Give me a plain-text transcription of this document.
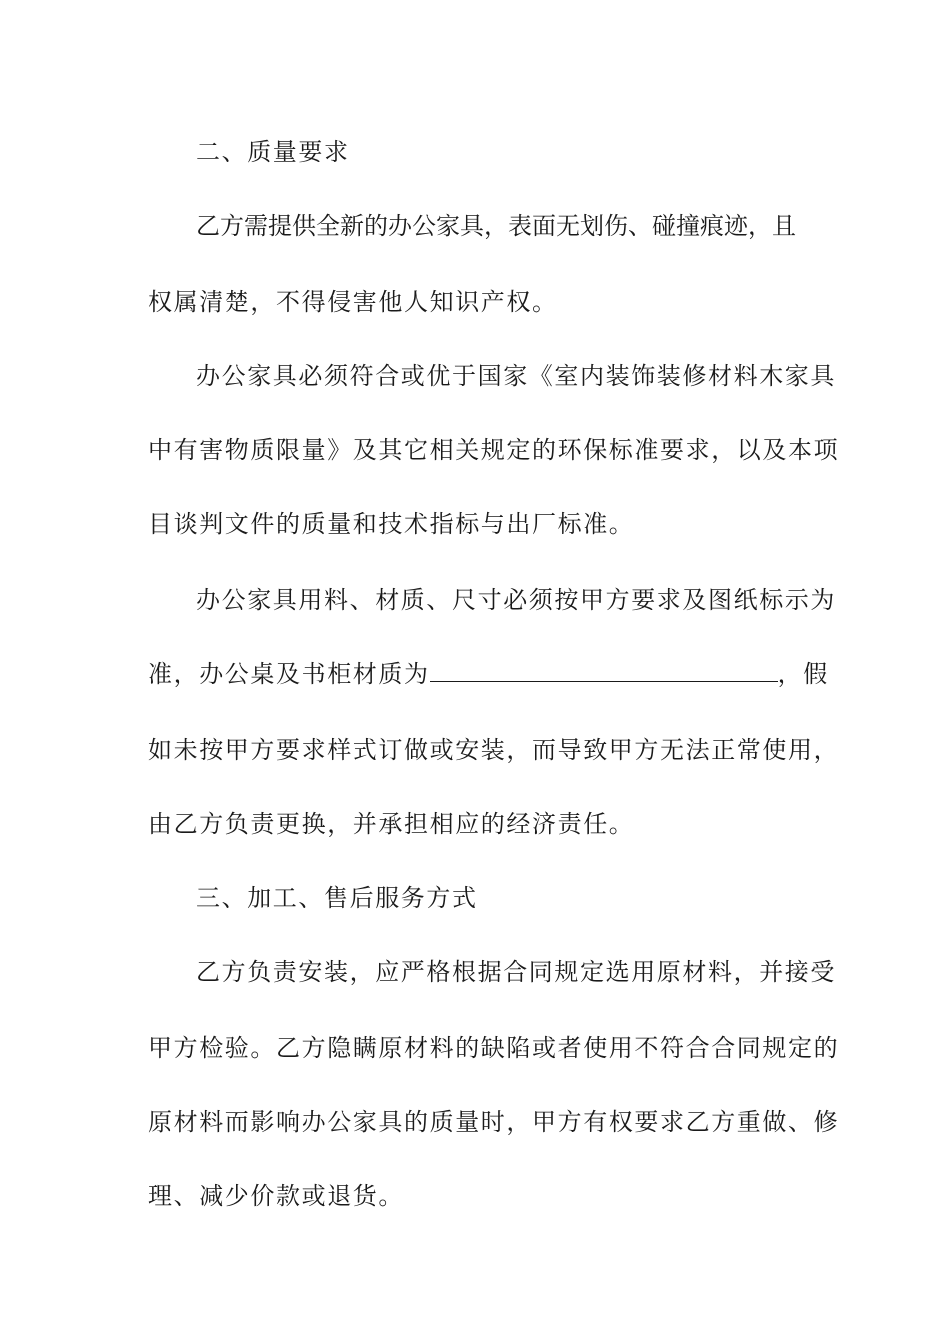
二、质量要求
乙方需提供全新的办公家具，表面无划伤、碰撞痕迹，且
权属清楚，不得侵害他人知识产权。
办公家具必须符合或优于国家《室内装饰装修材料木家具
中有害物质限量》及其它相关规定的环保标准要求，以及本项
目谈判文件的质量和技术指标与出厂标准。
办公家具用料、材质、尺寸必须按甲方要求及图纸标示为
准，办公桌及书柜材质为	，假
如未按甲方要求样式订做或安装，而导致甲方无法正常使用，
由乙方负责更换，并承担相应的经济责任。
三、加工、售后服务方式
乙方负责安装，应严格根据合同规定选用原材料，并接受
甲方检验。乙方隐瞒原材料的缺陷或者使用不符合合同规定的
原材料而影响办公家具的质量时，甲方有权要求乙方重做、修
理、减少价款或退货。
